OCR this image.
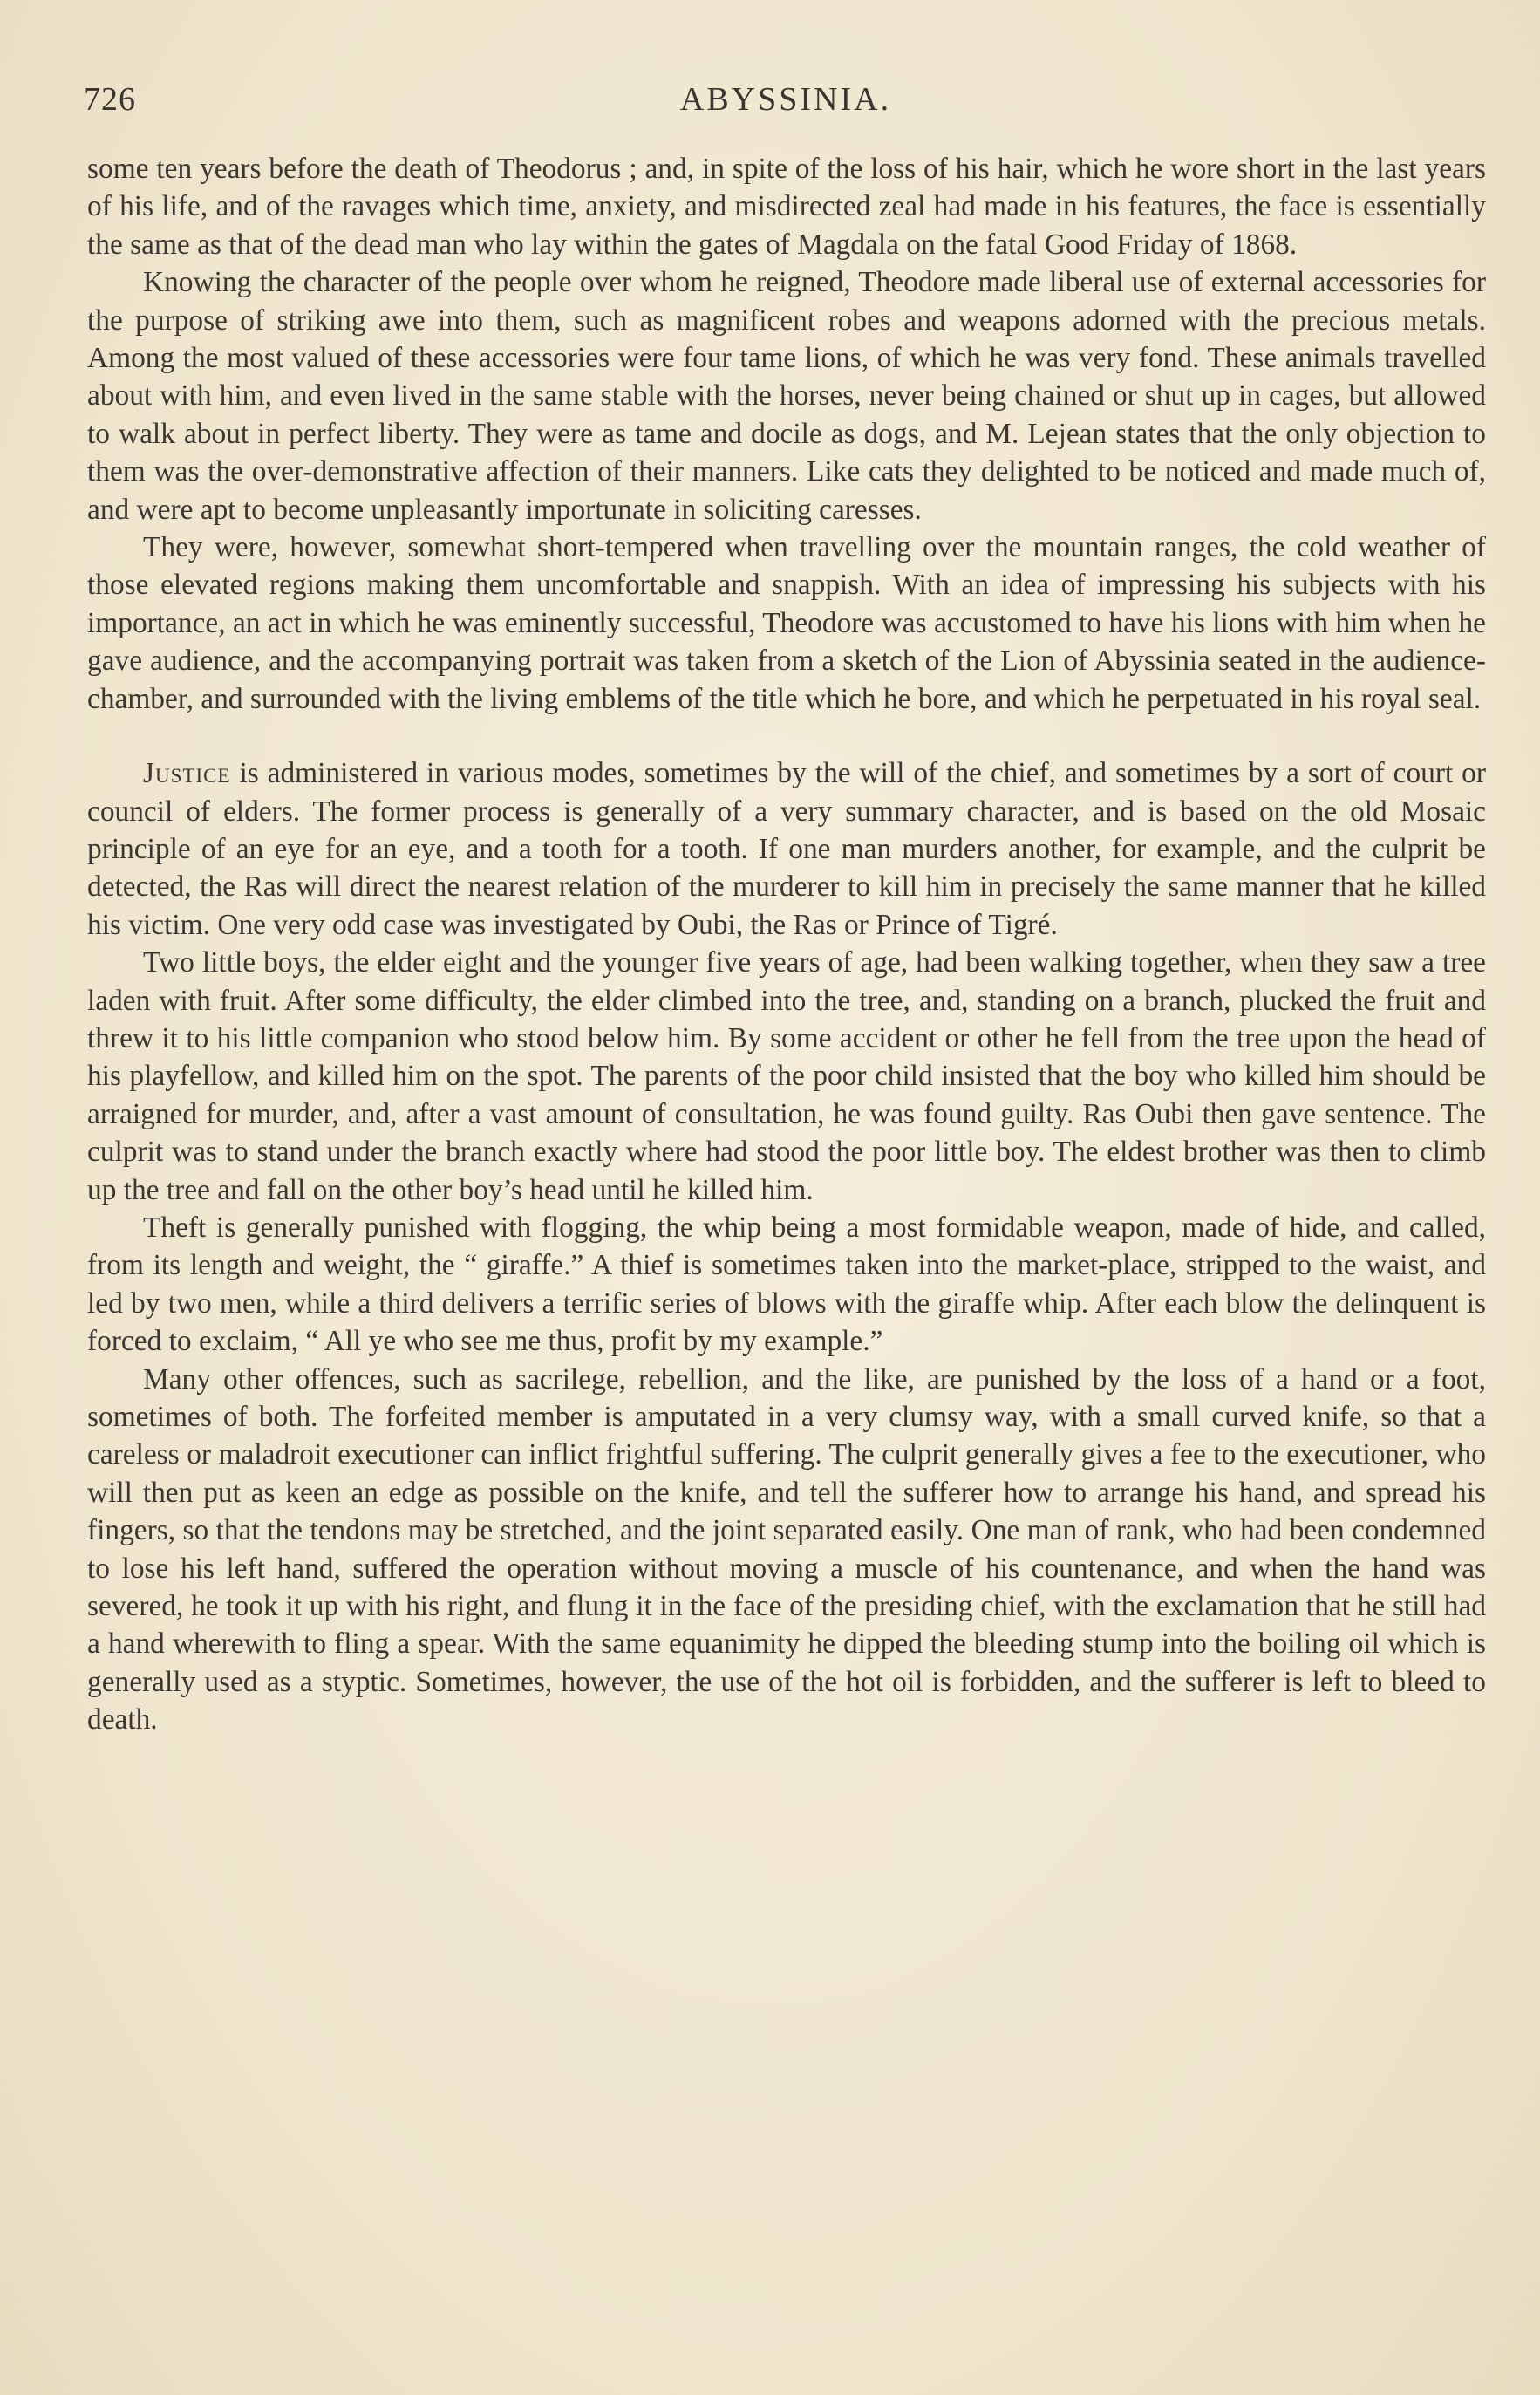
726	ABYSSINIA.

some ten years before the death of Theodorus ; and, in spite of the loss of his hair, which he wore short in the last years of his life, and of the ravages which time, anxiety, and misdirected zeal had made in his features, the face is essentially the same as that of the dead man who lay within the gates of Magdala on the fatal Good Friday of 1868.

Knowing the character of the people over whom he reigned, Theodore made liberal use of external accessories for the purpose of striking awe into them, such as magnificent robes and weapons adorned with the precious metals. Among the most valued of these accessories were four tame lions, of which he was very fond. These animals travelled about with him, and even lived in the same stable with the horses, never being chained or shut up in cages, but allowed to walk about in perfect liberty. They were as tame and docile as dogs, and M. Lejean states that the only objection to them was the over-demonstrative affection of their manners. Like cats they delighted to be noticed and made much of, and were apt to become unpleasantly importunate in soliciting caresses.

They were, however, somewhat short-tempered when travelling over the mountain ranges, the cold weather of those elevated regions making them uncomfortable and snappish. With an idea of impressing his subjects with his importance, an act in which he was eminently successful, Theodore was accustomed to have his lions with him when he gave audience, and the accompanying portrait was taken from a sketch of the Lion of Abyssinia seated in the audience-chamber, and surrounded with the living emblems of the title which he bore, and which he perpetuated in his royal seal.

Justice is administered in various modes, sometimes by the will of the chief, and sometimes by a sort of court or council of elders. The former process is generally of a very summary character, and is based on the old Mosaic principle of an eye for an eye, and a tooth for a tooth. If one man murders another, for example, and the culprit be detected, the Ras will direct the nearest relation of the murderer to kill him in precisely the same manner that he killed his victim. One very odd case was investigated by Oubi, the Ras or Prince of Tigré.

Two little boys, the elder eight and the younger five years of age, had been walking together, when they saw a tree laden with fruit. After some difficulty, the elder climbed into the tree, and, standing on a branch, plucked the fruit and threw it to his little companion who stood below him. By some accident or other he fell from the tree upon the head of his playfellow, and killed him on the spot. The parents of the poor child insisted that the boy who killed him should be arraigned for murder, and, after a vast amount of consultation, he was found guilty. Ras Oubi then gave sentence. The culprit was to stand under the branch exactly where had stood the poor little boy. The eldest brother was then to climb up the tree and fall on the other boy’s head until he killed him.

Theft is generally punished with flogging, the whip being a most formidable weapon, made of hide, and called, from its length and weight, the “ giraffe.” A thief is sometimes taken into the market-place, stripped to the waist, and led by two men, while a third delivers a terrific series of blows with the giraffe whip. After each blow the delinquent is forced to exclaim, “ All ye who see me thus, profit by my example.”

Many other offences, such as sacrilege, rebellion, and the like, are punished by the loss of a hand or a foot, sometimes of both. The forfeited member is amputated in a very clumsy way, with a small curved knife, so that a careless or maladroit executioner can inflict frightful suffering. The culprit generally gives a fee to the executioner, who will then put as keen an edge as possible on the knife, and tell the sufferer how to arrange his hand, and spread his fingers, so that the tendons may be stretched, and the joint separated easily. One man of rank, who had been condemned to lose his left hand, suffered the operation without moving a muscle of his countenance, and when the hand was severed, he took it up with his right, and flung it in the face of the presiding chief, with the exclamation that he still had a hand wherewith to fling a spear. With the same equanimity he dipped the bleeding stump into the boiling oil which is generally used as a styptic. Sometimes, however, the use of the hot oil is forbidden, and the sufferer is left to bleed to death.
